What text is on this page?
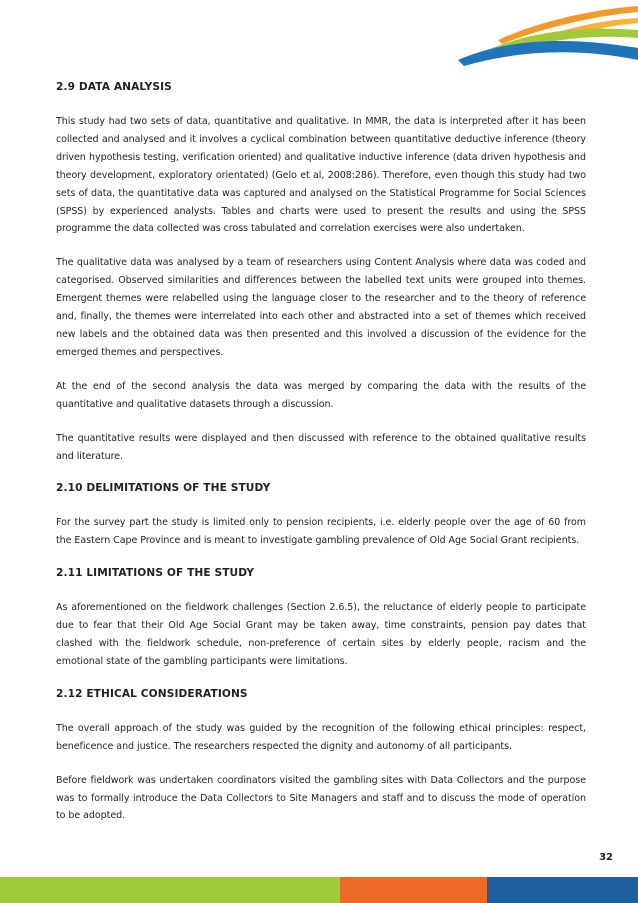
2.9 DATA ANALYSIS

This study had two sets of data, quantitative and qualitative. In MMR, the data is interpreted after it has been collected and analysed and it involves a cyclical combination between quantitative deductive inference (theory driven hypothesis testing, verification oriented) and qualitative inductive inference (data driven hypothesis and theory development, exploratory orientated) (Gelo et al, 2008:286). Therefore, even though this study had two sets of data, the quantitative data was captured and analysed on the Statistical Programme for Social Sciences (SPSS) by experienced analysts. Tables and charts were used to present the results and using the SPSS programme the data collected was cross tabulated and correlation exercises were also undertaken.

The qualitative data was analysed by a team of researchers using Content Analysis where data was coded and categorised. Observed similarities and differences between the labelled text units were grouped into themes. Emergent themes were relabelled using the language closer to the researcher and to the theory of reference and, finally, the themes were interrelated into each other and abstracted into a set of themes which received new labels and the obtained data was then presented and this involved a discussion of the evidence for the emerged themes and perspectives.

At the end of the second analysis the data was merged by comparing the data with the results of the quantitative and qualitative datasets through a discussion.

The quantitative results were displayed and then discussed with reference to the obtained qualitative results and literature.

2.10 DELIMITATIONS OF THE STUDY

For the survey part the study is limited only to pension recipients, i.e. elderly people over the age of 60 from the Eastern Cape Province and is meant to investigate gambling prevalence of Old Age Social Grant recipients.

2.11 LIMITATIONS OF THE STUDY

As aforementioned on the fieldwork challenges (Section 2.6.5), the reluctance of elderly people to participate due to fear that their Old Age Social Grant may be taken away, time constraints, pension pay dates that clashed with the fieldwork schedule, non-preference of certain sites by elderly people, racism and the emotional state of the gambling participants were limitations.

2.12 ETHICAL CONSIDERATIONS

The overall approach of the study was guided by the recognition of the following ethical principles: respect, beneficence and justice. The researchers respected the dignity and autonomy of all participants.

Before fieldwork was undertaken coordinators visited the gambling sites with Data Collectors and the purpose was to formally introduce the Data Collectors to Site Managers and staff and to discuss the mode of operation to be adopted.

32
